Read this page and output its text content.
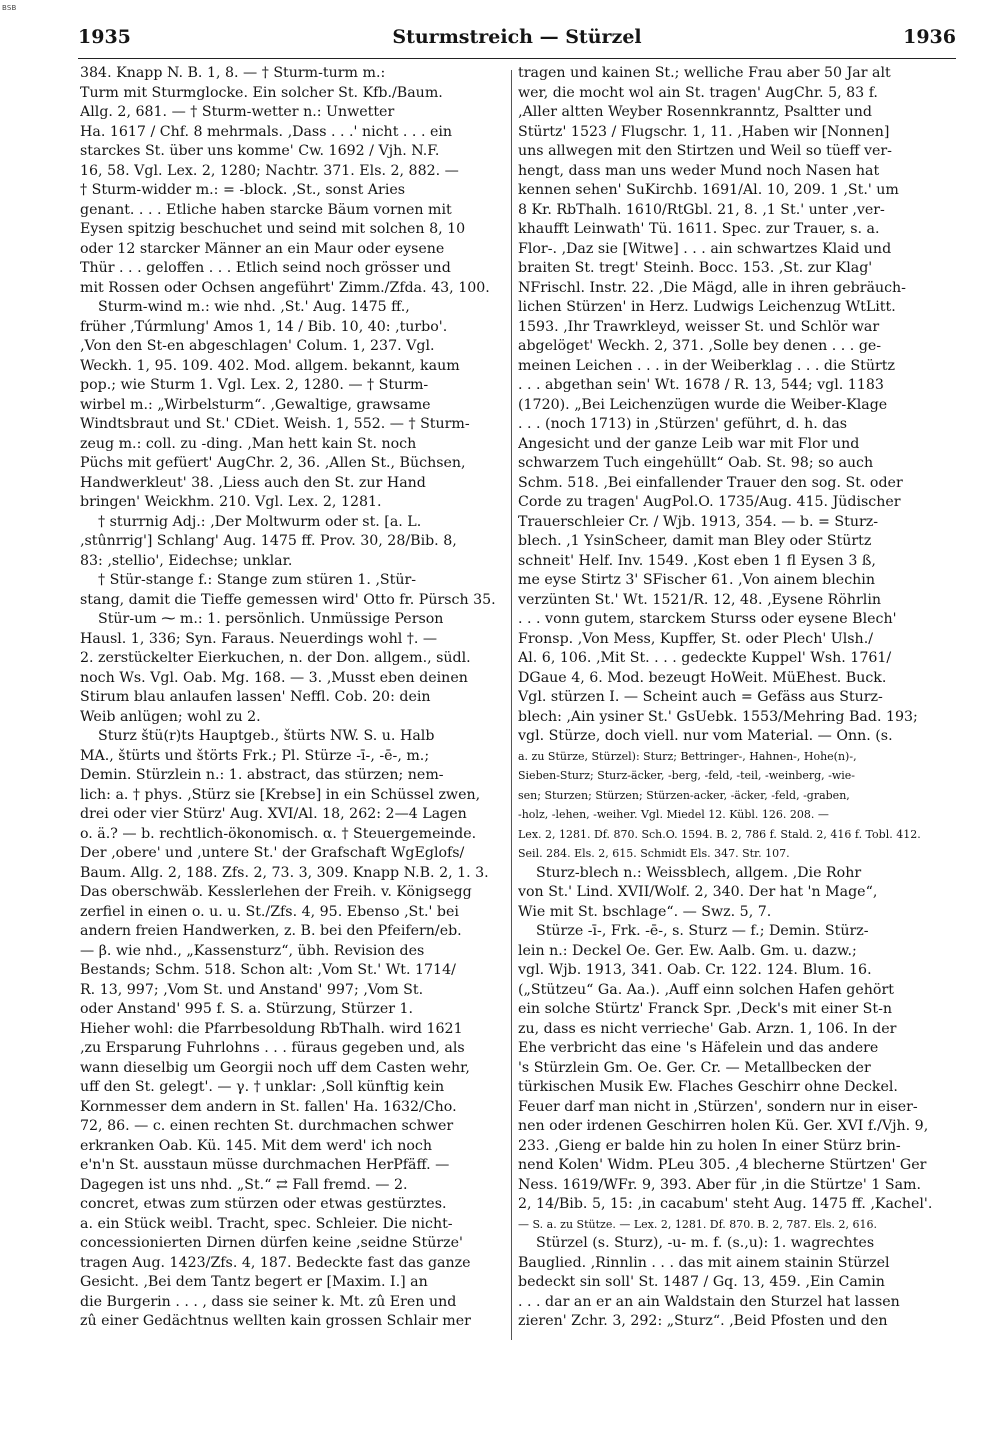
BSB
1935	Sturmstreich — Stürzel	1936
384. Knapp N. B. 1, 8. — † Sturm-turm m.:
Turm mit Sturmglocke. Ein solcher St. Kfb./Baum.
Allg. 2, 681. — † Sturm-wetter n.: Unwetter
Ha. 1617 / Chf. 8 mehrmals. ‚Dass . . .' nicht . . . ein
starckes St. über uns komme' Cw. 1692 / Vjh. N.F.
16, 58. Vgl. Lex. 2, 1280; Nachtr. 371. Els. 2, 882. —
† Sturm-widder m.: = -block. ‚St., sonst Aries
genant. . . . Etliche haben starcke Bäum vornen mit
Eysen spitzig beschuchet und seind mit solchen 8, 10
oder 12 starcker Männer an ein Maur oder eysene
Thür . . . geloffen . . . Etlich seind noch grösser und
mit Rossen oder Ochsen angeführt' Zimm./Zfda. 43, 100.
Sturm-wind m.: wie nhd. ‚St.' Aug. 1475 ff.,
früher ‚Túrmlung' Amos 1, 14 / Bib. 10, 40: ‚turbo'.
‚Von den St-en abgeschlagen' Colum. 1, 237. Vgl.
Weckh. 1, 95. 109. 402. Mod. allgem. bekannt, kaum
pop.; wie Sturm 1. Vgl. Lex. 2, 1280. — † Sturm-
wirbel m.: „Wirbelsturm“. ‚Gewaltige, grawsame
Windtsbraut und St.' CDiet. Weish. 1, 552. — † Sturm-
zeug m.: coll. zu -ding. ‚Man hett kain St. noch
Püchs mit gefüert' AugChr. 2, 36. ‚Allen St., Büchsen,
Handwerkleut' 38. ‚Liess auch den St. zur Hand
bringen' Weickhm. 210. Vgl. Lex. 2, 1281.
† sturrnig Adj.: ‚Der Moltwurm oder st. [a. L.
‚stûnrrig'] Schlang' Aug. 1475 ff. Prov. 30, 28/Bib. 8,
83: ‚stellio', Eidechse; unklar.
† Stür-stange f.: Stange zum stüren 1. ‚Stür-
stang, damit die Tieffe gemessen wird' Otto fr. Pürsch 35.
Stür-um ⁓ m.: 1. persönlich. Unmüssige Person
Hausl. 1, 336; Syn. Faraus. Neuerdings wohl †. —
2. zerstückelter Eierkuchen, n. der Don. allgem., südl.
noch Ws. Vgl. Oab. Mg. 168. — 3. ‚Musst eben deinen
Stirum blau anlaufen lassen' Neffl. Cob. 20: dein
Weib anlügen; wohl zu 2.
Sturz štü(r)ts Hauptgeb., štürts NW. S. u. Halb
MA., štürts und štörts Frk.; Pl. Stürze -ī-, -ē-, m.;
Demin. Stürzlein n.: 1. abstract, das stürzen; nem-
lich: a. † phys. ‚Stürz sie [Krebse] in ein Schüssel zwen,
drei oder vier Stürz' Aug. XVI/Al. 18, 262: 2—4 Lagen
o. ä.? — b. rechtlich-ökonomisch. α. † Steuergemeinde.
Der ‚obere' und ‚untere St.' der Grafschaft WgEglofs/
Baum. Allg. 2, 188. Zfs. 2, 73. 3, 309. Knapp N.B. 2, 1. 3.
Das oberschwäb. Kesslerlehen der Freih. v. Königsegg
zerfiel in einen o. u. u. St./Zfs. 4, 95. Ebenso ‚St.' bei
andern freien Handwerken, z. B. bei den Pfeifern/eb.
— β. wie nhd., „Kassensturz“, übh. Revision des
Bestands; Schm. 518. Schon alt: ‚Vom St.' Wt. 1714/
R. 13, 997; ‚Vom St. und Anstand' 997; ‚Vom St.
oder Anstand' 995 f. S. a. Stürzung, Stürzer 1.
Hieher wohl: die Pfarrbesoldung RbThalh. wird 1621
‚zu Ersparung Fuhrlohns . . . füraus gegeben und, als
wann dieselbig um Georgii noch uff dem Casten wehr,
uff den St. gelegt'. — γ. † unklar: ‚Soll künftig kein
Kornmesser dem andern in St. fallen' Ha. 1632/Cho.
72, 86. — c. einen rechten St. durchmachen schwer
erkranken Oab. Kü. 145. Mit dem werd' ich noch
e'n'n St. ausstaun müsse durchmachen HerPfäff. —
Dagegen ist uns nhd. „St.“ ⇄ Fall fremd. — 2.
concret, etwas zum stürzen oder etwas gestürztes.
a. ein Stück weibl. Tracht, spec. Schleier. Die nicht-
concessionierten Dirnen dürfen keine ‚seidne Stürze'
tragen Aug. 1423/Zfs. 4, 187. Bedeckte fast das ganze
Gesicht. ‚Bei dem Tantz begert er [Maxim. I.] an
die Burgerin . . . , dass sie seiner k. Mt. zû Eren und
zû einer Gedächtnus wellten kain grossen Schlair mer
tragen und kainen St.; welliche Frau aber 50 Jar alt
wer, die mocht wol ain St. tragen' AugChr. 5, 83 f.
‚Aller altten Weyber Rosennkranntz, Psaltter und
Stürtz' 1523 / Flugschr. 1, 11. ‚Haben wir [Nonnen]
uns allwegen mit den Stirtzen und Weil so tüeff ver-
hengt, dass man uns weder Mund noch Nasen hat
kennen sehen' SuKirchb. 1691/Al. 10, 209. 1 ‚St.' um
8 Kr. RbThalh. 1610/RtGbl. 21, 8. ‚1 St.' unter ‚ver-
khaufft Leinwath' Tü. 1611. Spec. zur Trauer, s. a.
Flor-. ‚Daz sie [Witwe] . . . ain schwartzes Klaid und
braiten St. tregt' Steinh. Bocc. 153. ‚St. zur Klag'
NFrischl. Instr. 22. ‚Die Mägd, alle in ihren gebräuch-
lichen Stürzen' in Herz. Ludwigs Leichenzug WtLitt.
1593. ‚Ihr Trawrkleyd, weisser St. und Schlör war
abgelöget' Weckh. 2, 371. ‚Solle bey denen . . . ge-
meinen Leichen . . . in der Weiberklag . . . die Stürtz
. . . abgethan sein' Wt. 1678 / R. 13, 544; vgl. 1183
(1720). „Bei Leichenzügen wurde die Weiber-Klage
. . . (noch 1713) in ‚Stürzen' geführt, d. h. das
Angesicht und der ganze Leib war mit Flor und
schwarzem Tuch eingehüllt“ Oab. St. 98; so auch
Schm. 518. ‚Bei einfallender Trauer den sog. St. oder
Corde zu tragen' AugPol.O. 1735/Aug. 415. Jüdischer
Trauerschleier Cr. / Wjb. 1913, 354. — b. = Sturz-
blech. ‚1 YsinScheer, damit man Bley oder Stürtz
schneit' Helf. Inv. 1549. ‚Kost eben 1 fl Eysen 3 ß,
me eyse Stirtz 3' SFischer 61. ‚Von ainem blechin
verzünten St.' Wt. 1521/R. 12, 48. ‚Eysene Röhrlin
. . . vonn gutem, starckem Sturss oder eysene Blech'
Fronsp. ‚Von Mess, Kupffer, St. oder Plech' Ulsh./
Al. 6, 106. ‚Mit St. . . . gedeckte Kuppel' Wsh. 1761/
DGaue 4, 6. Mod. bezeugt HoWeit. MüEhest. Buck.
Vgl. stürzen I. — Scheint auch = Gefäss aus Sturz-
blech: ‚Ain ysiner St.' GsUebk. 1553/Mehring Bad. 193;
vgl. Stürze, doch viell. nur vom Material. — Onn. (s.
a. zu Stürze, Stürzel): Sturz; Bettringer-, Hahnen-, Hohe(n)-,
Sieben-Sturz; Sturz-äcker, -berg, -feld, -teil, -weinberg, -wie-
sen; Sturzen; Stürzen; Stürzen-acker, -äcker, -feld, -graben,
-holz, -lehen, -weiher. Vgl. Miedel 12. Kübl. 126. 208. —
Lex. 2, 1281. Df. 870. Sch.O. 1594. B. 2, 786 f. Stald. 2, 416 f. Tobl. 412.
Seil. 284. Els. 2, 615. Schmidt Els. 347. Str. 107.
Sturz-blech n.: Weissblech, allgem. ‚Die Rohr
von St.' Lind. XVII/Wolf. 2, 340. Der hat 'n Mage“,
Wie mit St. bschlage“. — Swz. 5, 7.
Stürze -ī-, Frk. -ē-, s. Sturz — f.; Demin. Stürz-
lein n.: Deckel Oe. Ger. Ew. Aalb. Gm. u. dazw.;
vgl. Wjb. 1913, 341. Oab. Cr. 122. 124. Blum. 16.
(„Stützeu“ Ga. Aa.). ‚Auff einn solchen Hafen gehört
ein solche Stürtz' Franck Spr. ‚Deck's mit einer St-n
zu, dass es nicht verrieche' Gab. Arzn. 1, 106. In der
Ehe verbricht das eine 's Häfelein und das andere
's Stürzlein Gm. Oe. Ger. Cr. — Metallbecken der
türkischen Musik Ew. Flaches Geschirr ohne Deckel.
Feuer darf man nicht in ‚Stürzen', sondern nur in eiser-
nen oder irdenen Geschirren holen Kü. Ger. XVI f./Vjh. 9,
233. ‚Gieng er balde hin zu holen In einer Stürz brin-
nend Kolen' Widm. PLeu 305. ‚4 blecherne Stürtzen' Ger
Ness. 1619/WFr. 9, 393. Aber für ‚in die Stürtze' 1 Sam.
2, 14/Bib. 5, 15: ‚in cacabum' steht Aug. 1475 ff. ‚Kachel'.
— S. a. zu Stütze. — Lex. 2, 1281. Df. 870. B. 2, 787. Els. 2, 616.
Stürzel (s. Sturz), -u- m. f. (s.,u): 1. wagrechtes
Bauglied. ‚Rinnlin . . . das mit ainem stainin Stürzel
bedeckt sin soll' St. 1487 / Gq. 13, 459. ‚Ein Camin
. . . dar an er an ain Waldstain den Sturzel hat lassen
zieren' Zchr. 3, 292: „Sturz“. ‚Beid Pfosten und den
